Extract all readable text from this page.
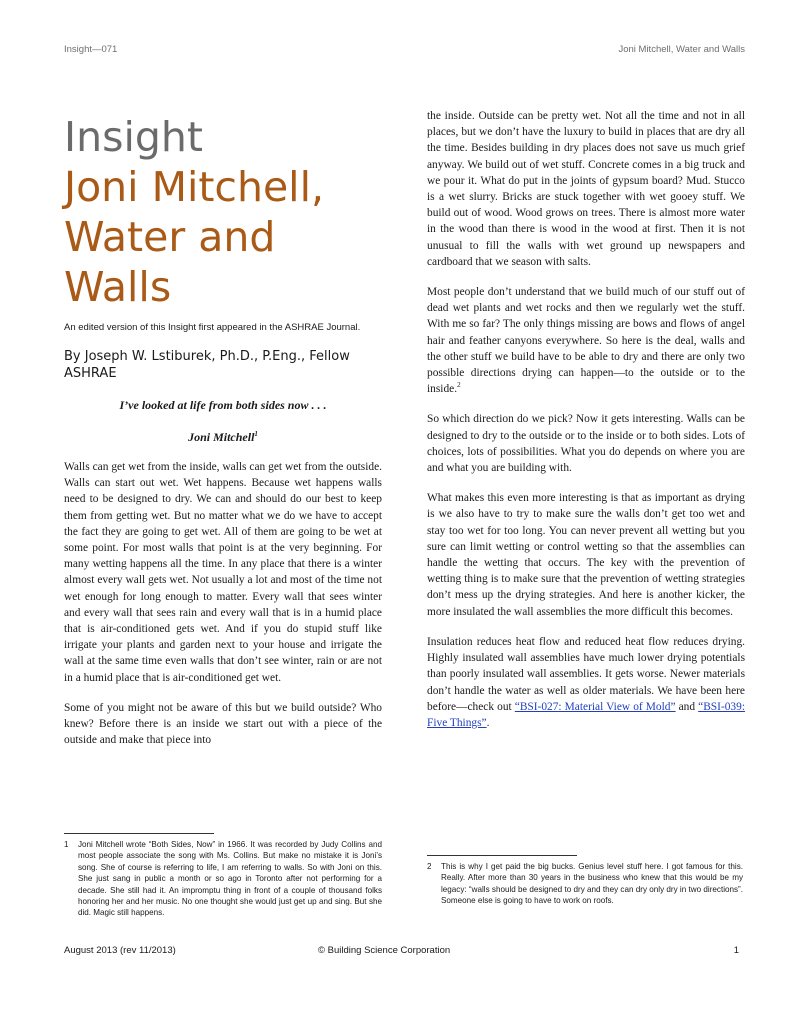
Insight—071	Joni Mitchell, Water and Walls
Insight
Joni Mitchell,
Water and
Walls
An edited version of this Insight first appeared in the ASHRAE Journal.
By Joseph W. Lstiburek, Ph.D., P.Eng., Fellow ASHRAE
I’ve looked at life from both sides now . . .
Joni Mitchell$^1$

Walls can get wet from the inside, walls can get wet from the outside. Walls can start out wet. Wet happens. Because wet happens walls need to be designed to dry. We can and should do our best to keep them from getting wet. But no matter what we do we have to accept the fact they are going to get wet. All of them are going to be wet at some point. For most walls that point is at the very beginning. For many wetting happens all the time. In any place that there is a winter almost every wall gets wet. Not usually a lot and most of the time not wet enough for long enough to matter. Every wall that sees winter and every wall that sees rain and every wall that is in a humid place that is air-conditioned gets wet. And if you do stupid stuff like irrigate your plants and garden next to your house and irrigate the wall at the same time even walls that don’t see winter, rain or are not in a humid place that is air-conditioned get wet.

Some of you might not be aware of this but we build outside? Who knew? Before there is an inside we start out with a piece of the outside and make that piece into

the inside. Outside can be pretty wet. Not all the time and not in all places, but we don’t have the luxury to build in places that are dry all the time. Besides building in dry places does not save us much grief anyway. We build out of wet stuff. Concrete comes in a big truck and we pour it. What do put in the joints of gypsum board? Mud. Stucco is a wet slurry. Bricks are stuck together with wet gooey stuff. We build out of wood. Wood grows on trees. There is almost more water in the wood than there is wood in the wood at first. Then it is not unusual to fill the walls with wet ground up newspapers and cardboard that we season with salts.

Most people don’t understand that we build much of our stuff out of dead wet plants and wet rocks and then we regularly wet the stuff. With me so far? The only things missing are bows and flows of angel hair and feather canyons everywhere. So here is the deal, walls and the other stuff we build have to be able to dry and there are only two possible directions drying can happen—to the outside or to the inside.$^2$

So which direction do we pick? Now it gets interesting. Walls can be designed to dry to the outside or to the inside or to both sides. Lots of choices, lots of possibilities. What you do depends on where you are and what you are building with.

What makes this even more interesting is that as important as drying is we also have to try to make sure the walls don’t get too wet and stay too wet for too long. You can never prevent all wetting but you sure can limit wetting or control wetting so that the assemblies can handle the wetting that occurs. The key with the prevention of wetting thing is to make sure that the prevention of wetting strategies don’t mess up the drying strategies. And here is another kicker, the more insulated the wall assemblies the more difficult this becomes.

Insulation reduces heat flow and reduced heat flow reduces drying. Highly insulated wall assemblies have much lower drying potentials than poorly insulated wall assemblies. It gets worse. Newer materials don’t handle the water as well as older materials. We have been here before—check out “BSI-027: Material View of Mold” and “BSI-039: Five Things”.

1 Joni Mitchell wrote “Both Sides, Now” in 1966. It was recorded by Judy Collins and most people associate the song with Ms. Collins. But make no mistake it is Joni’s song. She of course is referring to life, I am referring to walls. So with Joni on this. She just sang in public a month or so ago in Toronto after not performing for a decade. She still had it. An impromptu thing in front of a couple of thousand folks honoring her and her music. No one thought she would just get up and sing. But she did. Magic still happens.
2 This is why I get paid the big bucks. Genius level stuff here. I got famous for this. Really. After more than 30 years in the business who knew that this would be my legacy: “walls should be designed to dry and they can dry only dry in two directions”. Someone else is going to have to work on roofs.
August 2013 (rev 11/2013)	© Building Science Corporation	1
